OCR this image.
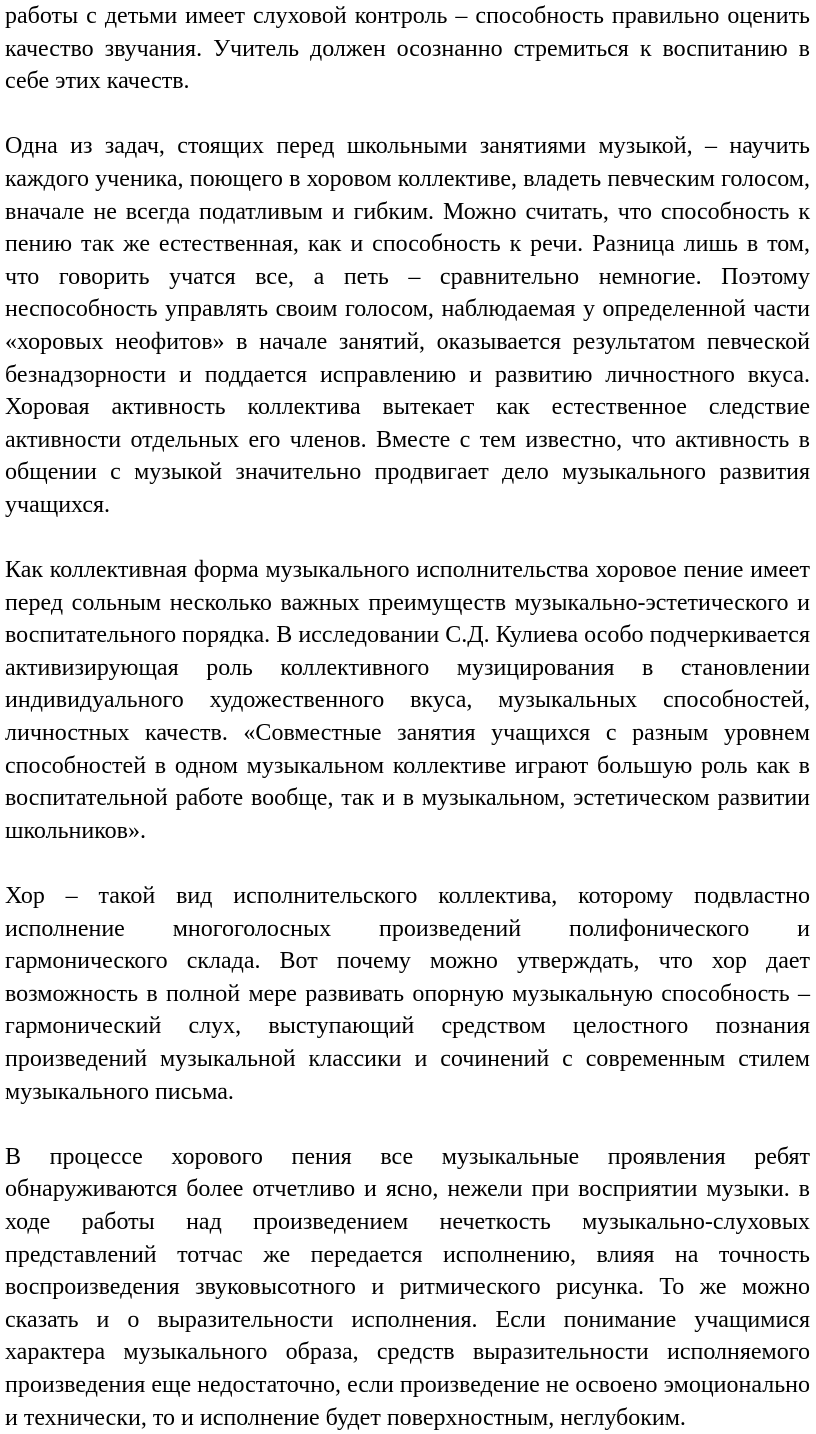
работы с детьми имеет слуховой контроль – способность правильно оценить качество звучания. Учитель должен осознанно стремиться к воспитанию в себе этих качеств.

Одна из задач, стоящих перед школьными занятиями музыкой, – научить каждого ученика, поющего в хоровом коллективе, владеть певческим голосом, вначале не всегда податливым и гибким. Можно считать, что способность к пению так же естественная, как и способность к речи. Разница лишь в том, что говорить учатся все, а петь – сравнительно немногие. Поэтому неспособность управлять своим голосом, наблюдаемая у определенной части «хоровых неофитов» в начале занятий, оказывается результатом певческой безнадзорности и поддается исправлению и развитию личностного вкуса. Хоровая активность коллектива вытекает как естественное следствие активности отдельных его членов. Вместе с тем известно, что активность в общении с музыкой значительно продвигает дело музыкального развития учащихся.

Как коллективная форма музыкального исполнительства хоровое пение имеет перед сольным несколько важных преимуществ музыкально-эстетического и воспитательного порядка. В исследовании С.Д. Кулиева особо подчеркивается активизирующая роль коллективного музицирования в становлении индивидуального художественного вкуса, музыкальных способностей, личностных качеств. «Совместные занятия учащихся с разным уровнем способностей в одном музыкальном коллективе играют большую роль как в воспитательной работе вообще, так и в музыкальном, эстетическом развитии школьников».

Хор – такой вид исполнительского коллектива, которому подвластно исполнение многоголосных произведений полифонического и гармонического склада. Вот почему можно утверждать, что хор дает возможность в полной мере развивать опорную музыкальную способность – гармонический слух, выступающий средством целостного познания произведений музыкальной классики и сочинений с современным стилем музыкального письма.

В процессе хорового пения все музыкальные проявления ребят обнаруживаются более отчетливо и ясно, нежели при восприятии музыки. в ходе работы над произведением нечеткость музыкально-слуховых представлений тотчас же передается исполнению, влияя на точность воспроизведения звуковысотного и ритмического рисунка. То же можно сказать и о выразительности исполнения. Если понимание учащимися характера музыкального образа, средств выразительности исполняемого произведения еще недостаточно, если произведение не освоено эмоционально и технически, то и исполнение будет поверхностным, неглубоким.
